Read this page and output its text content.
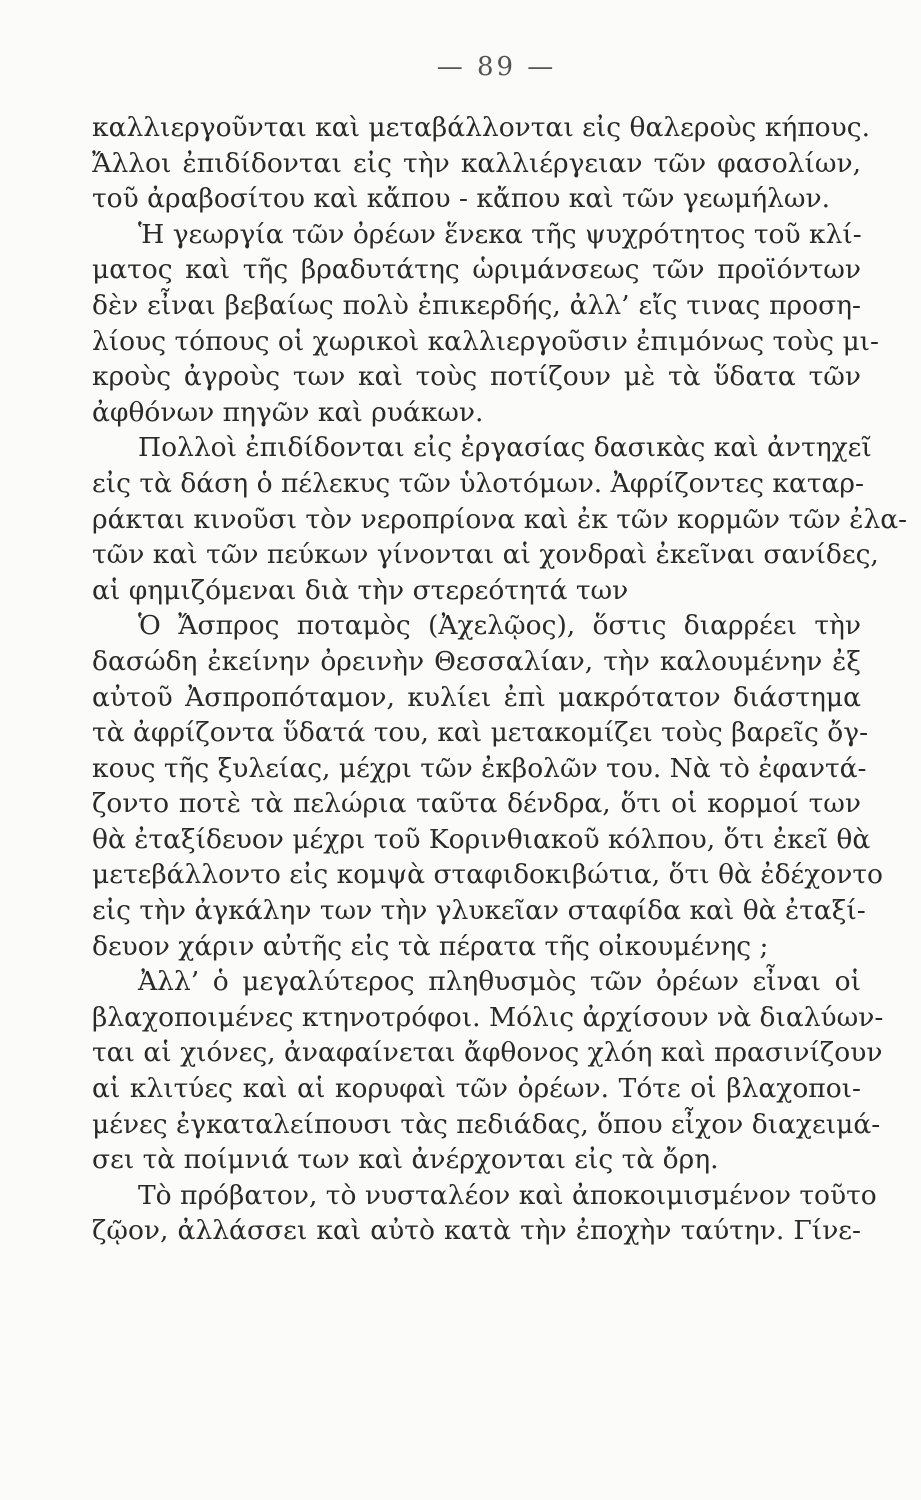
— 89 —
καλλιεργοῦνται καὶ μεταβάλλονται εἰς θαλεροὺς κήπους.
Ἄλλοι ἐπιδίδονται εἰς τὴν καλλιέργειαν τῶν φασολίων,
τοῦ ἀραβοσίτου καὶ κἄπου - κἄπου καὶ τῶν γεωμήλων.
Ἡ γεωργία τῶν ὀρέων ἕνεκα τῆς ψυχρότητος τοῦ κλί-
ματος καὶ τῆς βραδυτάτης ὡριμάνσεως τῶν προϊόντων
δὲν εἶναι βεβαίως πολὺ ἐπικερδής, ἀλλ’ εἴς τινας προση-
λίους τόπους οἱ χωρικοὶ καλλιεργοῦσιν ἐπιμόνως τοὺς μι-
κροὺς ἀγροὺς των καὶ τοὺς ποτίζουν μὲ τὰ ὕδατα τῶν
ἀφθόνων πηγῶν καὶ ρυάκων.
Πολλοὶ ἐπιδίδονται εἰς ἐργασίας δασικὰς καὶ ἀντηχεῖ
εἰς τὰ δάση ὁ πέλεκυς τῶν ὑλοτόμων. Ἀφρίζοντες καταρ-
ράκται κινοῦσι τὸν νεροπρίονα καὶ ἐκ τῶν κορμῶν τῶν ἐλα-
τῶν καὶ τῶν πεύκων γίνονται αἱ χονδραὶ ἐκεῖναι σανίδες,
αἱ φημιζόμεναι διὰ τὴν στερεότητά των
Ὁ Ἄσπρος ποταμὸς (Ἀχελῷος), ὅστις διαρρέει τὴν
δασώδη ἐκείνην ὀρεινὴν Θεσσαλίαν, τὴν καλουμένην ἐξ
αὐτοῦ Ἀσπροπόταμον, κυλίει ἐπὶ μακρότατον διάστημα
τὰ ἀφρίζοντα ὕδατά του, καὶ μετακομίζει τοὺς βαρεῖς ὄγ-
κους τῆς ξυλείας, μέχρι τῶν ἐκβολῶν του. Νὰ τὸ ἐφαντά-
ζοντο ποτὲ τὰ πελώρια ταῦτα δένδρα, ὅτι οἱ κορμοί των
θὰ ἐταξίδευον μέχρι τοῦ Κορινθιακοῦ κόλπου, ὅτι ἐκεῖ θὰ
μετεβάλλοντο εἰς κομψὰ σταφιδοκιβώτια, ὅτι θὰ ἐδέχοντο
εἰς τὴν ἀγκάλην των τὴν γλυκεῖαν σταφίδα καὶ θὰ ἐταξί-
δευον χάριν αὐτῆς εἰς τὰ πέρατα τῆς οἰκουμένης ;
Ἀλλ’ ὁ μεγαλύτερος πληθυσμὸς τῶν ὀρέων εἶναι οἱ
βλαχοποιμένες κτηνοτρόφοι. Μόλις ἀρχίσουν νὰ διαλύων-
ται αἱ χιόνες, ἀναφαίνεται ἄφθονος χλόη καὶ πρασινίζουν
αἱ κλιτύες καὶ αἱ κορυφαὶ τῶν ὀρέων. Τότε οἱ βλαχοποι-
μένες ἐγκαταλείπουσι τὰς πεδιάδας, ὅπου εἶχον διαχειμά-
σει τὰ ποίμνιά των καὶ ἀνέρχονται εἰς τὰ ὄρη.
Τὸ πρόβατον, τὸ νυσταλέον καὶ ἀποκοιμισμένον τοῦτο
ζῷον, ἀλλάσσει καὶ αὐτὸ κατὰ τὴν ἐποχὴν ταύτην. Γίνε-
